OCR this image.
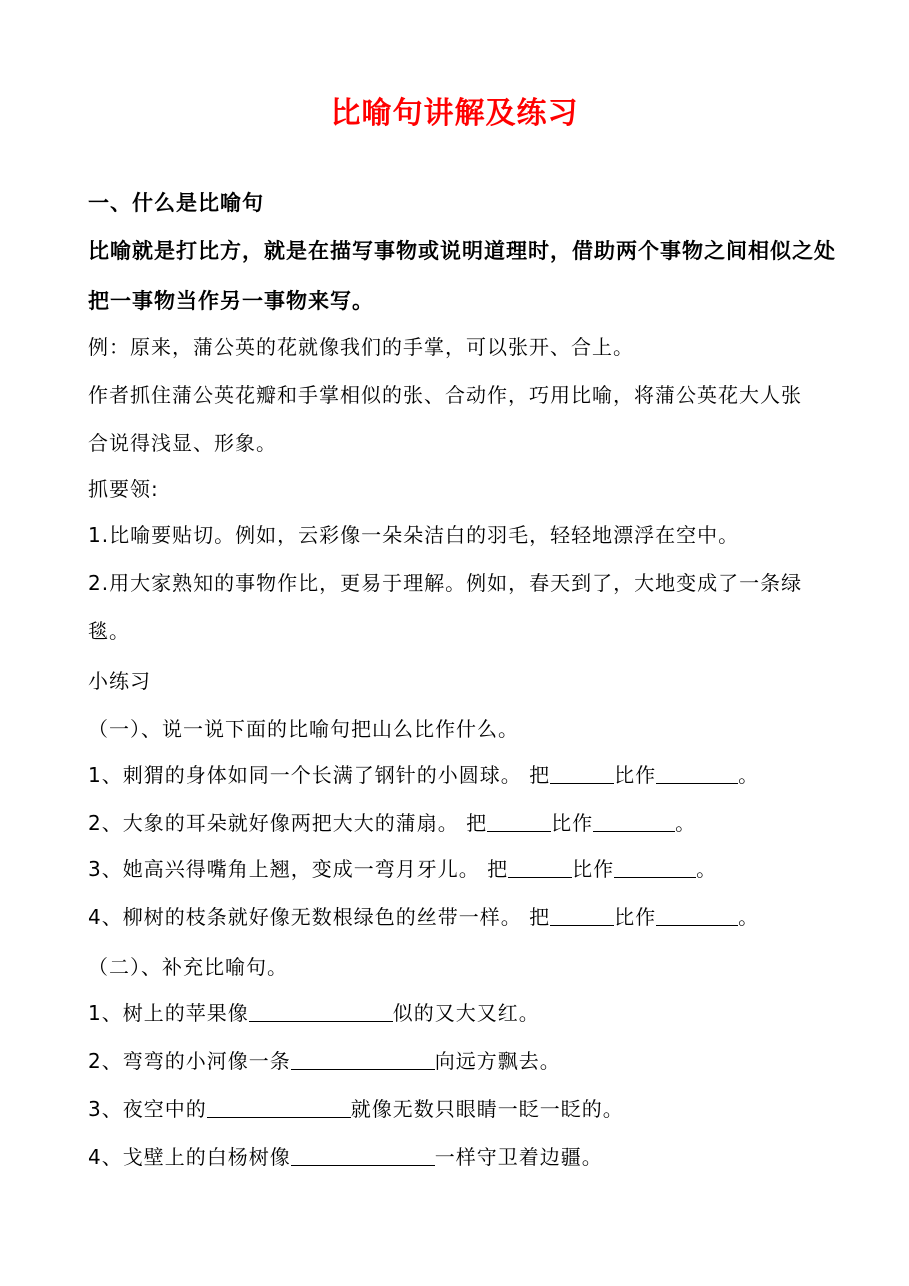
比喻句讲解及练习
一、什么是比喻句
比喻就是打比方，就是在描写事物或说明道理时，借助两个事物之间相似之处
把一事物当作另一事物来写。
例：原来，蒲公英的花就像我们的手掌，可以张开、合上。
作者抓住蒲公英花瓣和手掌相似的张、合动作，巧用比喻，将蒲公英花大人张
合说得浅显、形象。
抓要领:
1.比喻要贴切。例如，云彩像一朵朵洁白的羽毛，轻轻地漂浮在空中。
2.用大家熟知的事物作比，更易于理解。例如，春天到了，大地变成了一条绿
毯。
小练习
（一）、说一说下面的比喻句把山么比作什么。
1、刺猬的身体如同一个长满了钢针的小圆球。 把	比作	。
2、大象的耳朵就好像两把大大的蒲扇。 把	比作	。
3、她高兴得嘴角上翘，变成一弯月牙儿。 把	比作	。
4、柳树的枝条就好像无数根绿色的丝带一样。 把	比作	。
（二）、补充比喻句。
1、树上的苹果像	似的又大又红。
2、弯弯的小河像一条	向远方飘去。
3、夜空中的	就像无数只眼睛一眨一眨的。
4、戈壁上的白杨树像	一样守卫着边疆。
